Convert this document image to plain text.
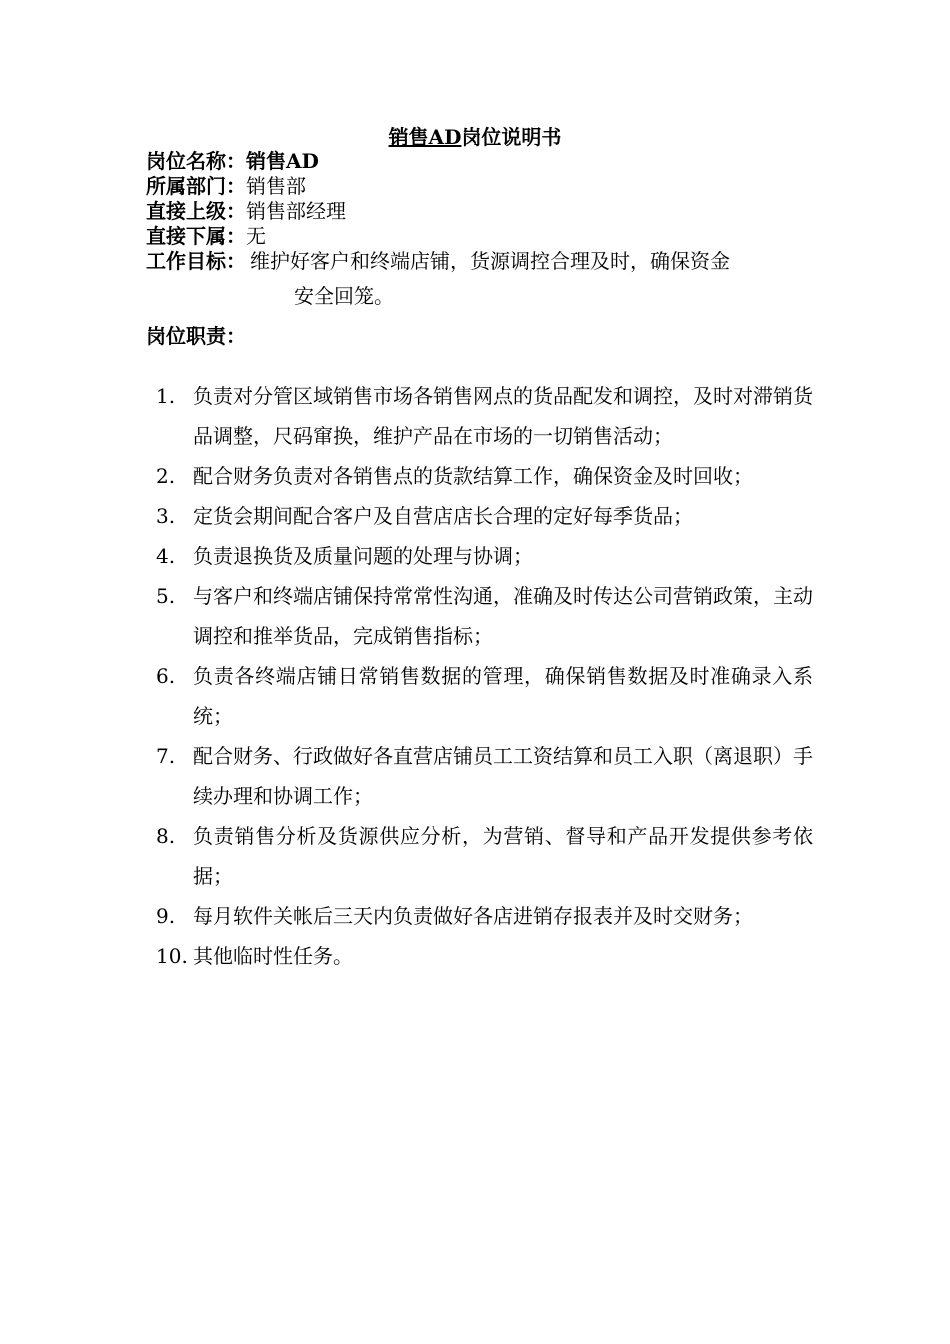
销售AD岗位说明书
岗位名称：销售AD
所属部门：销售部
直接上级：销售部经理
直接下属：无
工作目标： 维护好客户和终端店铺，货源调控合理及时，确保资金
安全回笼。
岗位职责：
1. 负责对分管区域销售市场各销售网点的货品配发和调控，及时对滞销货品调整，尺码窜换，维护产品在市场的一切销售活动；
2. 配合财务负责对各销售点的货款结算工作，确保资金及时回收；
3. 定货会期间配合客户及自营店店长合理的定好每季货品；
4. 负责退换货及质量问题的处理与协调；
5. 与客户和终端店铺保持常常性沟通，准确及时传达公司营销政策，主动调控和推举货品，完成销售指标；
6. 负责各终端店铺日常销售数据的管理，确保销售数据及时准确录入系统；
7. 配合财务、行政做好各直营店铺员工工资结算和员工入职（离退职）手续办理和协调工作；
8. 负责销售分析及货源供应分析，为营销、督导和产品开发提供参考依据；
9. 每月软件关帐后三天内负责做好各店进销存报表并及时交财务；
10. 其他临时性任务。
